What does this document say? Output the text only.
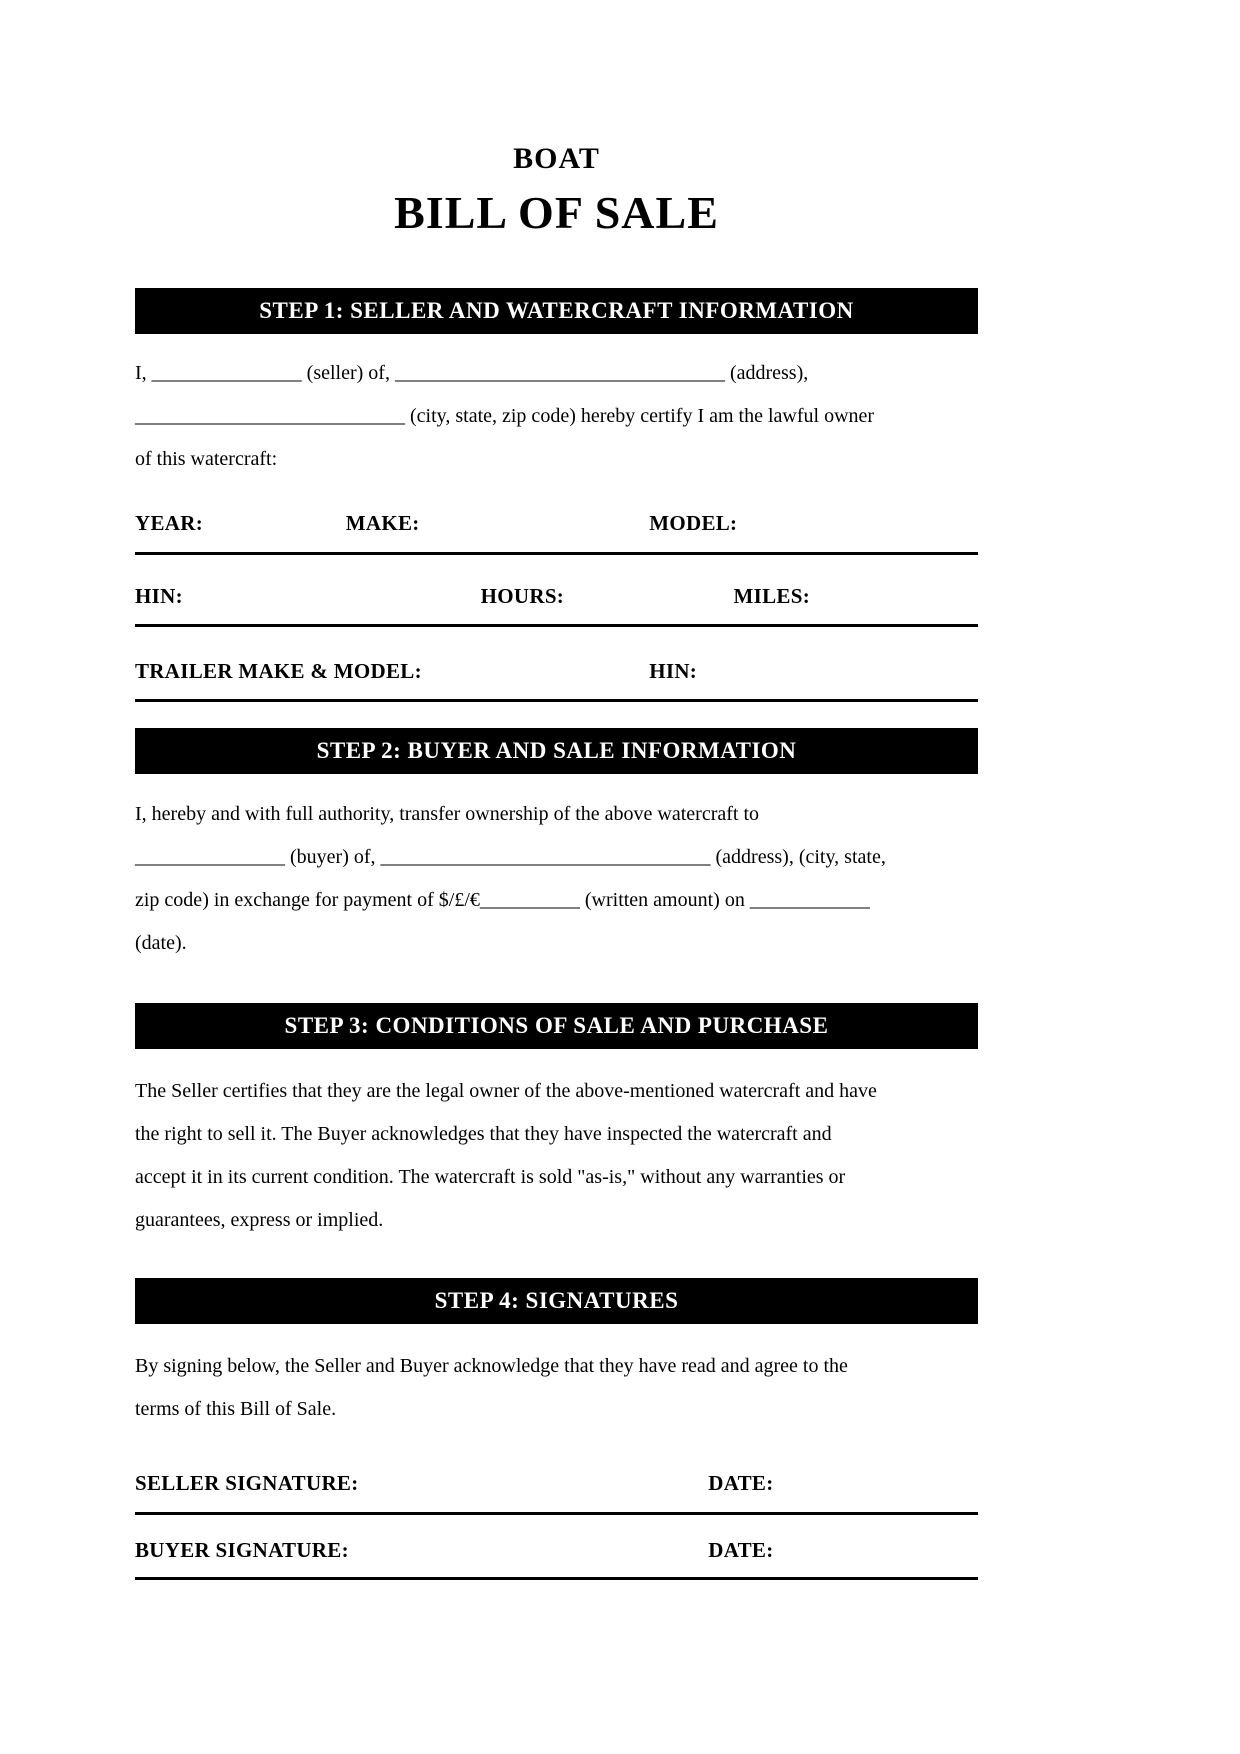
BOAT
BILL OF SALE
STEP 1: SELLER AND WATERCRAFT INFORMATION
I, _______________ (seller) of, _________________________________ (address),
___________________________ (city, state, zip code) hereby certify I am the lawful owner
of this watercraft:
YEAR:	MAKE:	MODEL:
HIN:	HOURS:	MILES:
TRAILER MAKE & MODEL:	HIN:
STEP 2: BUYER AND SALE INFORMATION
I, hereby and with full authority, transfer ownership of the above watercraft to
_______________ (buyer) of, _________________________________ (address), (city, state,
zip code) in exchange for payment of $/£/€__________ (written amount) on ____________
(date).
STEP 3: CONDITIONS OF SALE AND PURCHASE
The Seller certifies that they are the legal owner of the above-mentioned watercraft and have
the right to sell it. The Buyer acknowledges that they have inspected the watercraft and
accept it in its current condition. The watercraft is sold "as-is," without any warranties or
guarantees, express or implied.
STEP 4: SIGNATURES
By signing below, the Seller and Buyer acknowledge that they have read and agree to the
terms of this Bill of Sale.
SELLER SIGNATURE:	DATE:
BUYER SIGNATURE:	DATE:
